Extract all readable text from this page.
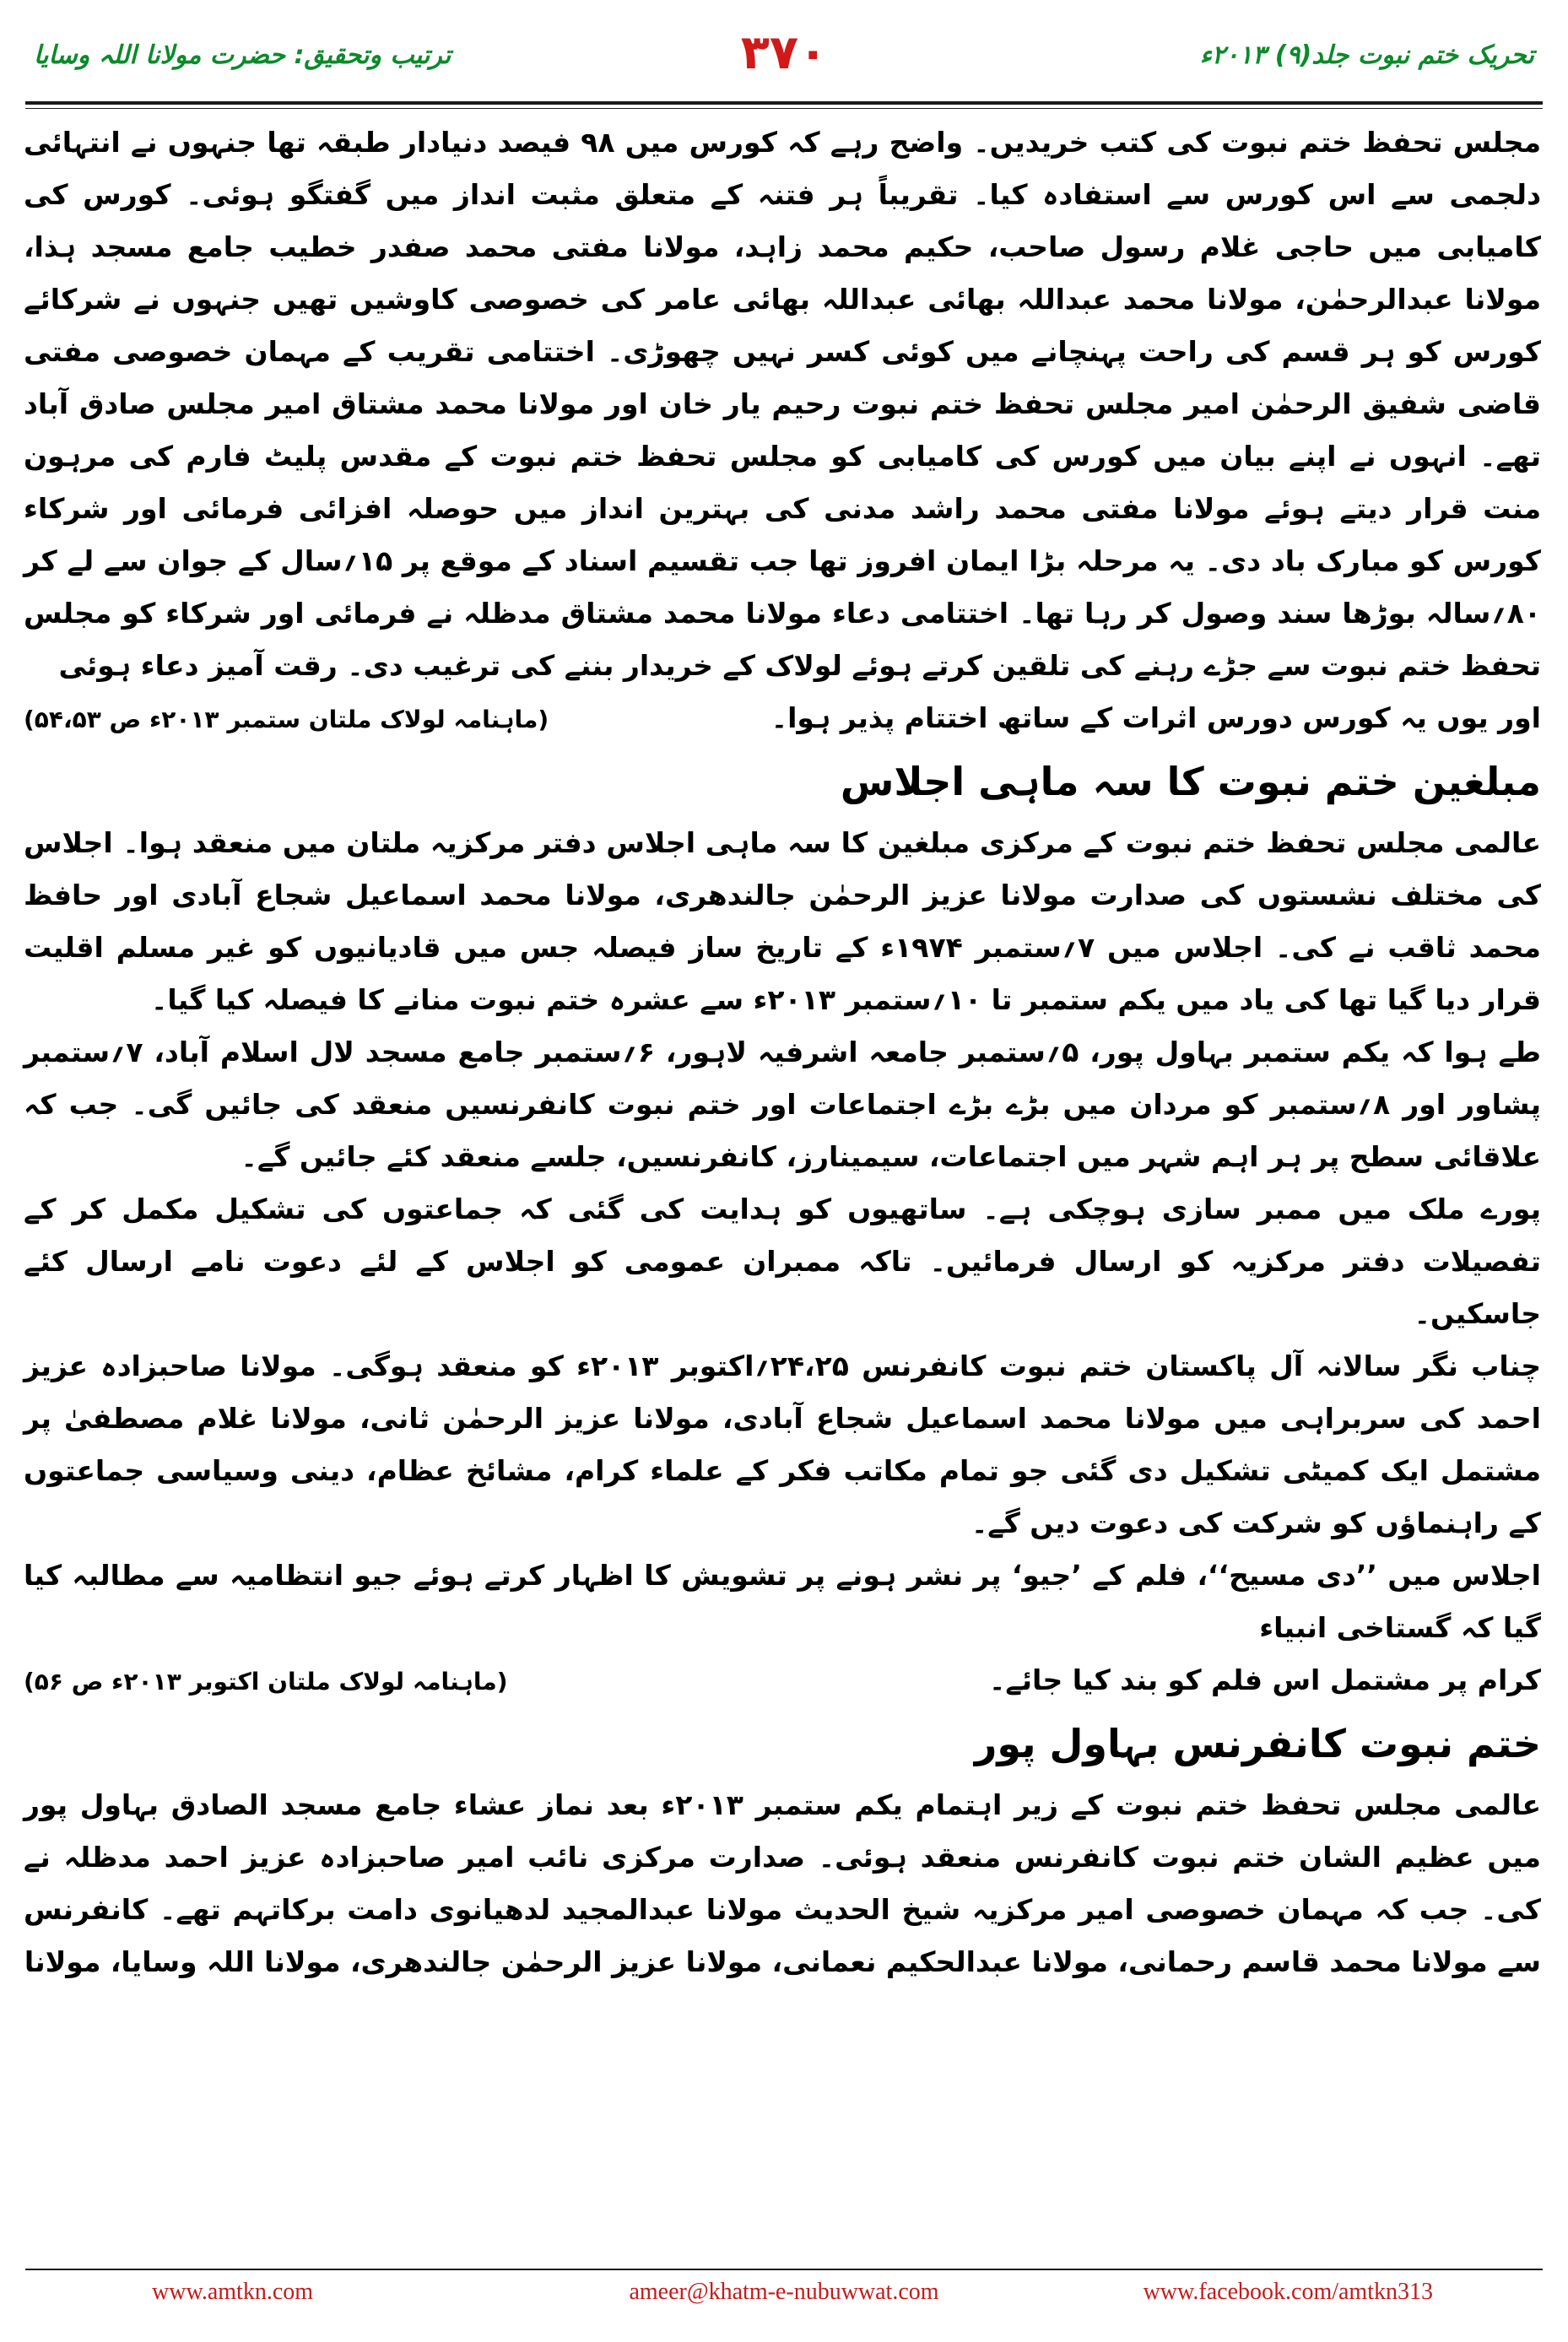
ترتیب وتحقیق: حضرت مولانا اللہ وسایا	۳۷۰	تحریک ختم نبوت جلد(۹) ۲۰۱۳ء

مجلس تحفظ ختم نبوت کی کتب خریدیں۔ واضح رہے کہ کورس میں ۹۸ فیصد دنیادار طبقہ تھا جنہوں نے انتہائی دلجمی سے اس کورس سے استفادہ کیا۔ تقریباً ہر فتنہ کے متعلق مثبت انداز میں گفتگو ہوئی۔ کورس کی کامیابی میں حاجی غلام رسول صاحب، حکیم محمد زاہد، مولانا مفتی محمد صفدر خطیب جامع مسجد ہذا، مولانا عبدالرحمٰن، مولانا محمد عبداللہ بھائی عبداللہ بھائی عامر کی خصوصی کاوشیں تھیں جنہوں نے شرکائے کورس کو ہر قسم کی راحت پہنچانے میں کوئی کسر نہیں چھوڑی۔ اختتامی تقریب کے مہمان خصوصی مفتی قاضی شفیق الرحمٰن امیر مجلس تحفظ ختم نبوت رحیم یار خان اور مولانا محمد مشتاق امیر مجلس صادق آباد تھے۔ انہوں نے اپنے بیان میں کورس کی کامیابی کو مجلس تحفظ ختم نبوت کے مقدس پلیٹ فارم کی مرہون منت قرار دیتے ہوئے مولانا مفتی محمد راشد مدنی کی بہترین انداز میں حوصلہ افزائی فرمائی اور شرکاء کورس کو مبارک باد دی۔ یہ مرحلہ بڑا ایمان افروز تھا جب تقسیم اسناد کے موقع پر ۱۵؍سال کے جوان سے لے کر ۸۰؍سالہ بوڑھا سند وصول کر رہا تھا۔ اختتامی دعاء مولانا محمد مشتاق مدظلہ نے فرمائی اور شرکاء کو مجلس تحفظ ختم نبوت سے جڑے رہنے کی تلقین کرتے ہوئے لولاک کے خریدار بننے کی ترغیب دی۔ رقت آمیز دعاء ہوئی

اور یوں یہ کورس دورس اثرات کے ساتھ اختتام پذیر ہوا۔
(ماہنامہ لولاک ملتان ستمبر ۲۰۱۳ء ص ۵۴،۵۳)
مبلغین ختم نبوت کا سہ ماہی اجلاس

عالمی مجلس تحفظ ختم نبوت کے مرکزی مبلغین کا سہ ماہی اجلاس دفتر مرکزیہ ملتان میں منعقد ہوا۔ اجلاس کی مختلف نشستوں کی صدارت مولانا عزیز الرحمٰن جالندھری، مولانا محمد اسماعیل شجاع آبادی اور حافظ محمد ثاقب نے کی۔ اجلاس میں ۷؍ستمبر ۱۹۷۴ء کے تاریخ ساز فیصلہ جس میں قادیانیوں کو غیر مسلم اقلیت قرار دیا گیا تھا کی یاد میں یکم ستمبر تا ۱۰؍ستمبر ۲۰۱۳ء سے عشرہ ختم نبوت منانے کا فیصلہ کیا گیا۔

طے ہوا کہ یکم ستمبر بہاول پور، ۵؍ستمبر جامعہ اشرفیہ لاہور، ۶؍ستمبر جامع مسجد لال اسلام آباد، ۷؍ستمبر پشاور اور ۸؍ستمبر کو مردان میں بڑے بڑے اجتماعات اور ختم نبوت کانفرنسیں منعقد کی جائیں گی۔ جب کہ علاقائی سطح پر ہر اہم شہر میں اجتماعات، سیمینارز، کانفرنسیں، جلسے منعقد کئے جائیں گے۔

پورے ملک میں ممبر سازی ہوچکی ہے۔ ساتھیوں کو ہدایت کی گئی کہ جماعتوں کی تشکیل مکمل کر کے تفصیلات دفتر مرکزیہ کو ارسال فرمائیں۔ تاکہ ممبران عمومی کو اجلاس کے لئے دعوت نامے ارسال کئے جاسکیں۔

چناب نگر سالانہ آل پاکستان ختم نبوت کانفرنس ۲۴،۲۵؍اکتوبر ۲۰۱۳ء کو منعقد ہوگی۔ مولانا صاحبزادہ عزیز احمد کی سربراہی میں مولانا محمد اسماعیل شجاع آبادی، مولانا عزیز الرحمٰن ثانی، مولانا غلام مصطفیٰ پر مشتمل ایک کمیٹی تشکیل دی گئی جو تمام مکاتب فکر کے علماء کرام، مشائخ عظام، دینی وسیاسی جماعتوں کے راہنماؤں کو شرکت کی دعوت دیں گے۔

اجلاس میں ’’دی مسیح‘‘، فلم کے ’جیو‘ پر نشر ہونے پر تشویش کا اظہار کرتے ہوئے جیو انتظامیہ سے مطالبہ کیا گیا کہ گستاخی انبیاء

کرام پر مشتمل اس فلم کو بند کیا جائے۔
(ماہنامہ لولاک ملتان اکتوبر ۲۰۱۳ء ص ۵۶)
ختم نبوت کانفرنس بہاول پور

عالمی مجلس تحفظ ختم نبوت کے زیر اہتمام یکم ستمبر ۲۰۱۳ء بعد نماز عشاء جامع مسجد الصادق بہاول پور میں عظیم الشان ختم نبوت کانفرنس منعقد ہوئی۔ صدارت مرکزی نائب امیر صاحبزادہ عزیز احمد مدظلہ نے کی۔ جب کہ مہمان خصوصی امیر مرکزیہ شیخ الحدیث مولانا عبدالمجید لدھیانوی دامت برکاتہم تھے۔ کانفرنس سے مولانا محمد قاسم رحمانی، مولانا عبدالحکیم نعمانی، مولانا عزیز الرحمٰن جالندھری، مولانا اللہ وسایا، مولانا

www.amtkn.com	ameer@khatm-e-nubuwwat.com	www.facebook.com/amtkn313
